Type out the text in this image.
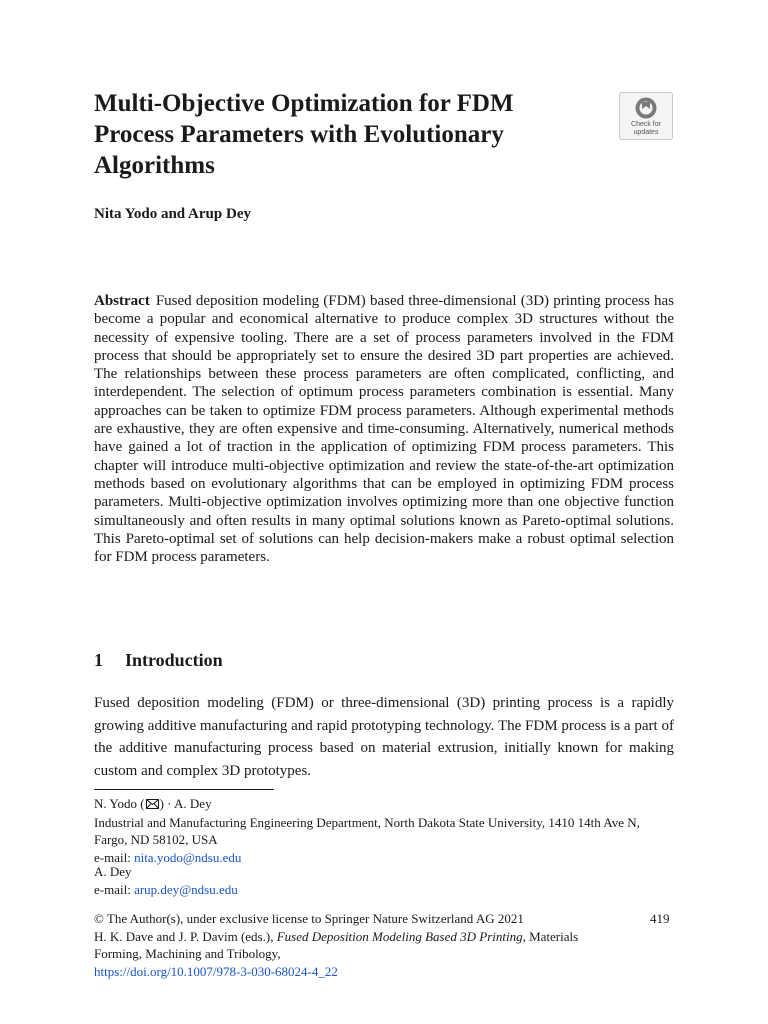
Multi-Objective Optimization for FDM Process Parameters with Evolutionary Algorithms
Check for
updates

Nita Yodo and Arup Dey

Abstract Fused deposition modeling (FDM) based three-dimensional (3D) printing process has become a popular and economical alternative to produce complex 3D structures without the necessity of expensive tooling. There are a set of process parameters involved in the FDM process that should be appropriately set to ensure the desired 3D part properties are achieved. The relationships between these process parameters are often complicated, conflicting, and interdependent. The selection of optimum process parameters combination is essential. Many approaches can be taken to optimize FDM process parameters. Although experimental methods are exhaustive, they are often expensive and time-consuming. Alternatively, numerical methods have gained a lot of traction in the application of optimizing FDM process parameters. This chapter will introduce multi-objective optimization and review the state-of-the-art optimization methods based on evolutionary algorithms that can be employed in optimizing FDM process parameters. Multi-objective optimization involves optimizing more than one objective function simultaneously and often results in many optimal solutions known as Pareto-optimal solutions. This Pareto-optimal set of solutions can help decision-makers make a robust optimal selection for FDM process parameters.

1 Introduction

Fused deposition modeling (FDM) or three-dimensional (3D) printing process is a rapidly growing additive manufacturing and rapid prototyping technology. The FDM process is a part of the additive manufacturing process based on material extrusion, initially known for making custom and complex 3D prototypes.

N. Yodo ( ) · A. Dey
Industrial and Manufacturing Engineering Department, North Dakota State University, 1410 14th Ave N, Fargo, ND 58102, USA
e-mail: nita.yodo@ndsu.edu
A. Dey
e-mail: arup.dey@ndsu.edu
© The Author(s), under exclusive license to Springer Nature Switzerland AG 2021
H. K. Dave and J. P. Davim (eds.), Fused Deposition Modeling Based 3D Printing, Materials Forming, Machining and Tribology,
https://doi.org/10.1007/978-3-030-68024-4_22
419
